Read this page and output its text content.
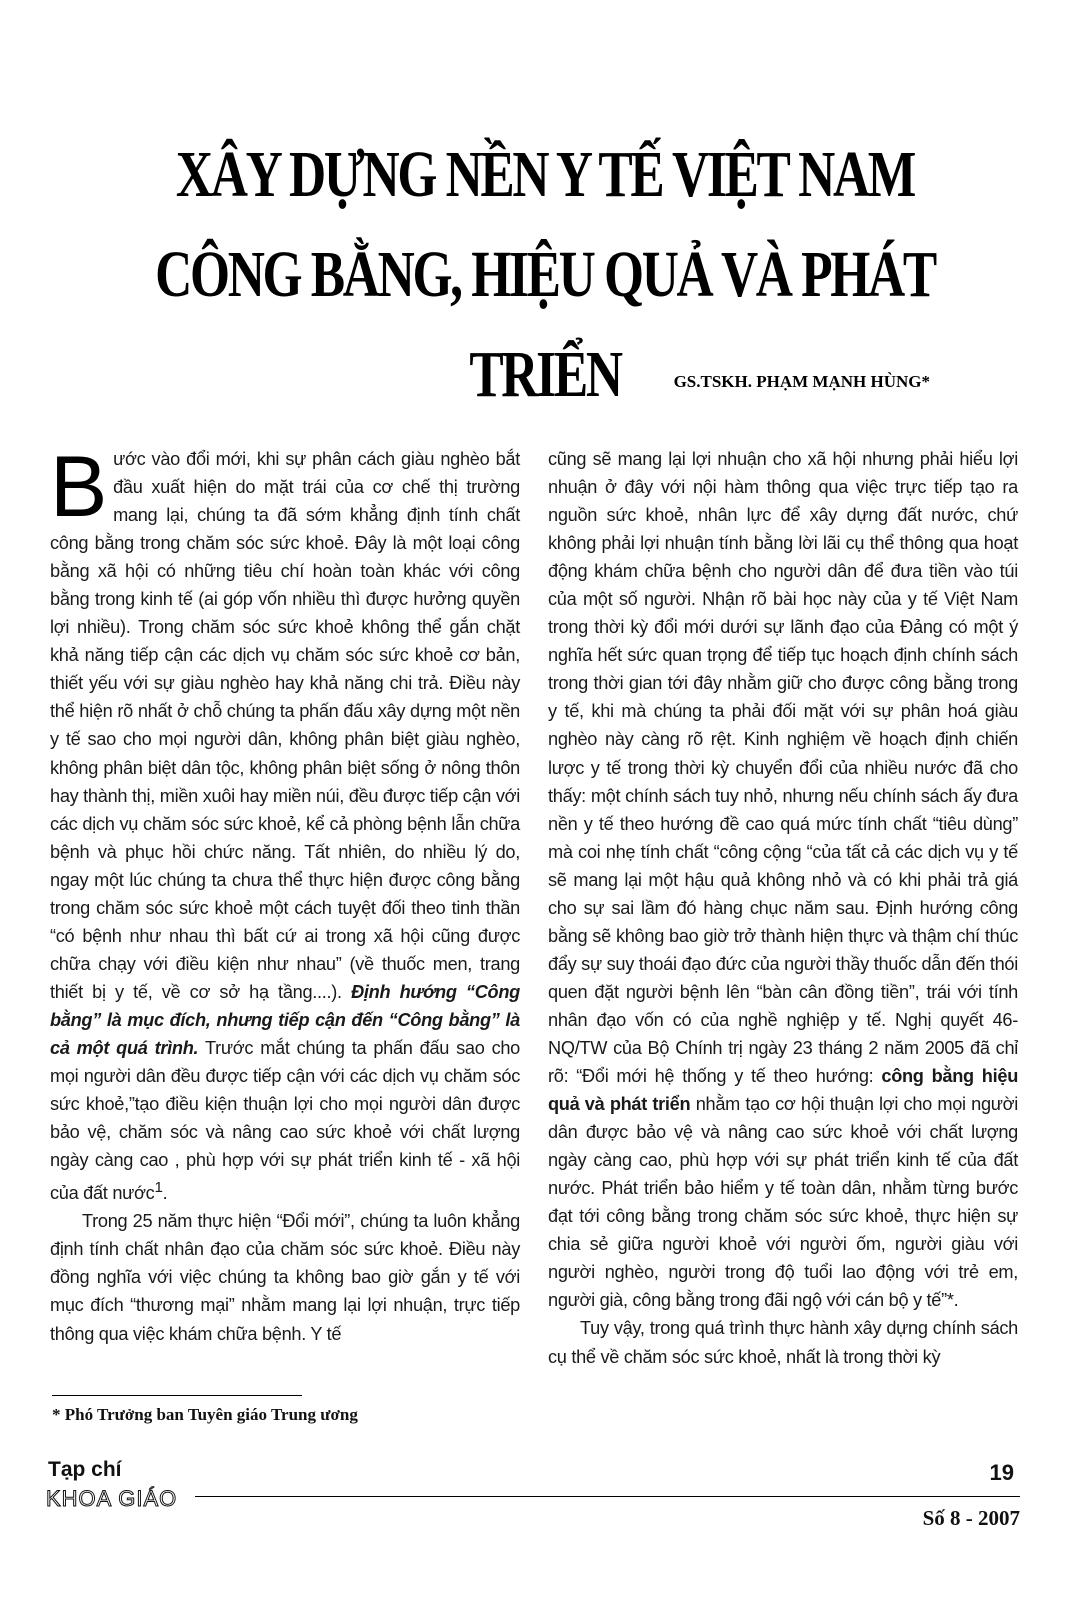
XÂY DỰNG NỀN Y TẾ VIỆT NAM
CÔNG BẰNG, HIỆU QUẢ VÀ PHÁT TRIỂN	GS.TSKH. PHẠM MẠNH HÙNG*

Bước vào đổi mới, khi sự phân cách giàu nghèo bắt đầu xuất hiện do mặt trái của cơ chế thị trường mang lại, chúng ta đã sớm khẳng định tính chất công bằng trong chăm sóc sức khoẻ. Đây là một loại công bằng xã hội có những tiêu chí hoàn toàn khác với công bằng trong kinh tế (ai góp vốn nhiều thì được hưởng quyền lợi nhiều). Trong chăm sóc sức khoẻ không thể gắn chặt khả năng tiếp cận các dịch vụ chăm sóc sức khoẻ cơ bản, thiết yếu với sự giàu nghèo hay khả năng chi trả. Điều này thể hiện rõ nhất ở chỗ chúng ta phấn đấu xây dựng một nền y tế sao cho mọi người dân, không phân biệt giàu nghèo, không phân biệt dân tộc, không phân biệt sống ở nông thôn hay thành thị, miền xuôi hay miền núi, đều được tiếp cận với các dịch vụ chăm sóc sức khoẻ, kể cả phòng bệnh lẫn chữa bệnh và phục hồi chức năng. Tất nhiên, do nhiều lý do, ngay một lúc chúng ta chưa thể thực hiện được công bằng trong chăm sóc sức khoẻ một cách tuyệt đối theo tinh thần “có bệnh như nhau thì bất cứ ai trong xã hội cũng được chữa chạy với điều kiện như nhau” (về thuốc men, trang thiết bị y tế, về cơ sở hạ tầng....). Định hướng “Công bằng” là mục đích, nhưng tiếp cận đến “Công bằng” là cả một quá trình. Trước mắt chúng ta phấn đấu sao cho mọi người dân đều được tiếp cận với các dịch vụ chăm sóc sức khoẻ,”tạo điều kiện thuận lợi cho mọi người dân được bảo vệ, chăm sóc và nâng cao sức khoẻ với chất lượng ngày càng cao , phù hợp với sự phát triển kinh tế - xã hội của đất nước$^1$.

Trong 25 năm thực hiện “Đổi mới”, chúng ta luôn khẳng định tính chất nhân đạo của chăm sóc sức khoẻ. Điều này đồng nghĩa với việc chúng ta không bao giờ gắn y tế với mục đích “thương mại” nhằm mang lại lợi nhuận, trực tiếp thông qua việc khám chữa bệnh. Y tế

cũng sẽ mang lại lợi nhuận cho xã hội nhưng phải hiểu lợi nhuận ở đây với nội hàm thông qua việc trực tiếp tạo ra nguồn sức khoẻ, nhân lực để xây dựng đất nước, chứ không phải lợi nhuận tính bằng lời lãi cụ thể thông qua hoạt động khám chữa bệnh cho người dân để đưa tiền vào túi của một số người. Nhận rõ bài học này của y tế Việt Nam trong thời kỳ đổi mới dưới sự lãnh đạo của Đảng có một ý nghĩa hết sức quan trọng để tiếp tục hoạch định chính sách trong thời gian tới đây nhằm giữ cho được công bằng trong y tế, khi mà chúng ta phải đối mặt với sự phân hoá giàu nghèo này càng rõ rệt. Kinh nghiệm về hoạch định chiến lược y tế trong thời kỳ chuyển đổi của nhiều nước đã cho thấy: một chính sách tuy nhỏ, nhưng nếu chính sách ấy đưa nền y tế theo hướng đề cao quá mức tính chất “tiêu dùng” mà coi nhẹ tính chất “công cộng “của tất cả các dịch vụ y tế sẽ mang lại một hậu quả không nhỏ và có khi phải trả giá cho sự sai lầm đó hàng chục năm sau. Định hướng công bằng sẽ không bao giờ trở thành hiện thực và thậm chí thúc đẩy sự suy thoái đạo đức của người thầy thuốc dẫn đến thói quen đặt người bệnh lên “bàn cân đồng tiền”, trái với tính nhân đạo vốn có của nghề nghiệp y tế. Nghị quyết 46-NQ/TW của Bộ Chính trị ngày 23 tháng 2 năm 2005 đã chỉ rõ: “Đổi mới hệ thống y tế theo hướng: công bằng hiệu quả và phát triển nhằm tạo cơ hội thuận lợi cho mọi người dân được bảo vệ và nâng cao sức khoẻ với chất lượng ngày càng cao, phù hợp với sự phát triển kinh tế của đất nước. Phát triển bảo hiểm y tế toàn dân, nhằm từng bước đạt tới công bằng trong chăm sóc sức khoẻ, thực hiện sự chia sẻ giữa người khoẻ với người ốm, người giàu với người nghèo, người trong độ tuổi lao động với trẻ em, người già, công bằng trong đãi ngộ với cán bộ y tế”*.

Tuy vậy, trong quá trình thực hành xây dựng chính sách cụ thể về chăm sóc sức khoẻ, nhất là trong thời kỳ

* Phó Trưởng ban Tuyên giáo Trung ương
Tạp chí
KHOA GIÁO
19
Số 8 - 2007
